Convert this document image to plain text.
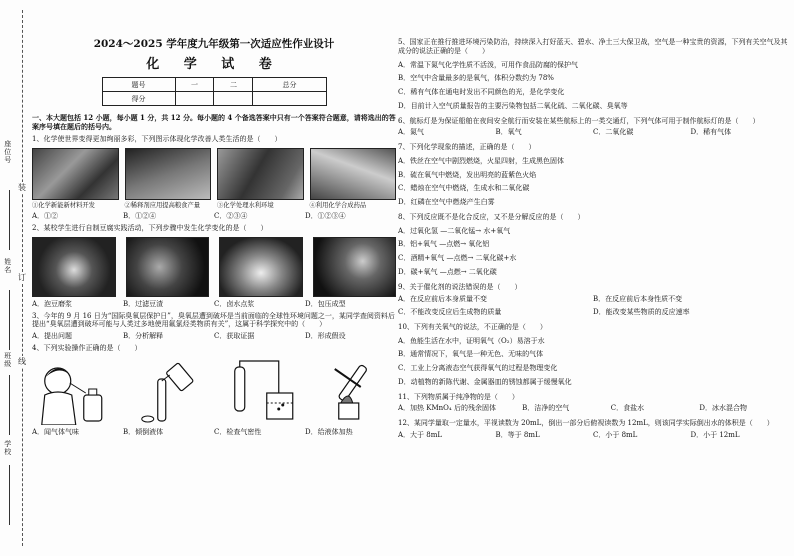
座位号
姓名
班级
学校
装
订
线
2024～2025 学年度九年级第一次适应性作业设计
化 学 试 卷
题号	一	二	总分
得分			
一、本大题包括 12 小题，每小题 1 分，共 12 分。每小题的 4 个备选答案中只有一个答案符合题意，请将选出的答案序号填在题后的括号内。
1、化学使世界变得更加绚丽多彩，下列图示体现化学改善人类生活的是（　　）
①化学新能新材料开发	②稀释剂应用提高粮食产量	③化学处理水利环境	④利用化学合成药品
A．①②	B．①②④	C．②③④	D．①②③④
2、某校学生进行自制豆腐实践活动，下列步骤中发生化学变化的是（　　）
A．泡豆磨浆	B．过滤豆渣	C．卤水点浆	D．包压成型
3、今年的 9 月 16 日为“国际臭氧层保护日”，臭氧层遭到破坏是当前面临的全球性环境问题之一，某同学查阅资料后提出“臭氧层遭到破坏可能与人类过多地使用氟氯烃类物质有关”，这属于科学探究中的（　　）
A．提出问题	B．分析解释	C．获取证据	D．形成假设
4、下列实验操作正确的是（　　）
A．闻气体气味	B．倾倒液体	C．检查气密性	D．给液体加热
5、国家正在推行推进环境污染防治，持续深入打好蓝天、碧水、净土三大保卫战，空气是一种宝贵的资源，下列有关空气及其成分的说法正确的是（　　）
A．常温下氮气化学性质不活泼，可用作食品防腐的保护气
B．空气中含量最多的是氧气，体积分数约为 78%
C．稀有气体在通电时发出不同颜色的光，是化学变化
D．目前计入空气质量报告的主要污染物包括二氧化硫、二氧化碳、臭氧等
6、航标灯是为保证船舶在夜间安全航行而安装在某些航标上的一类交通灯，下列气体可用于制作航标灯的是（　　）
A．氮气	B．氧气	C．二氧化碳	D．稀有气体
7、下列化学现象的描述，正确的是（　　）
A．铁丝在空气中剧烈燃烧，火星四射，生成黑色固体
B．硫在氧气中燃烧，发出明亮的蓝紫色火焰
C．蜡烛在空气中燃烧，生成水和二氧化碳
D．红磷在空气中燃烧产生白雾
8、下列反应既不是化合反应，又不是分解反应的是（　　）
A．过氧化氢 —二氧化锰→ 水+氧气
B．铝+氧气 —点燃→ 氧化铝
C．酒精+氧气 —点燃→ 二氧化碳+水
D．碳+氧气 —点燃→ 二氧化碳
9、关于催化剂的说法错误的是（　　）
A．在反应前后本身质量不变	B．在反应前后本身性质不变
C．不能改变反应后生成物的质量	D．能改变某些物质的反应速率
10、下列有关氧气的说法，不正确的是（　　）
A．鱼能生活在水中，证明氧气（O₂）易溶于水
B．通常情况下，氧气是一种无色、无味的气体
C．工业上分离液态空气获得氧气的过程是物理变化
D．动植物的新陈代谢、金属器皿的锈蚀都属于缓慢氧化
11、下列物质属于纯净物的是（　　）
A．加热 KMnO₄ 后的残余固体	B．洁净的空气	C．食盐水	D．冰水混合物
12、某同学量取一定量水，平视读数为 20mL，倒出一部分后俯视读数为 12mL，则该同学实际倒出水的体积是（　　）
A．大于 8mL	B．等于 8mL	C．小于 8mL	D．小于 12mL
